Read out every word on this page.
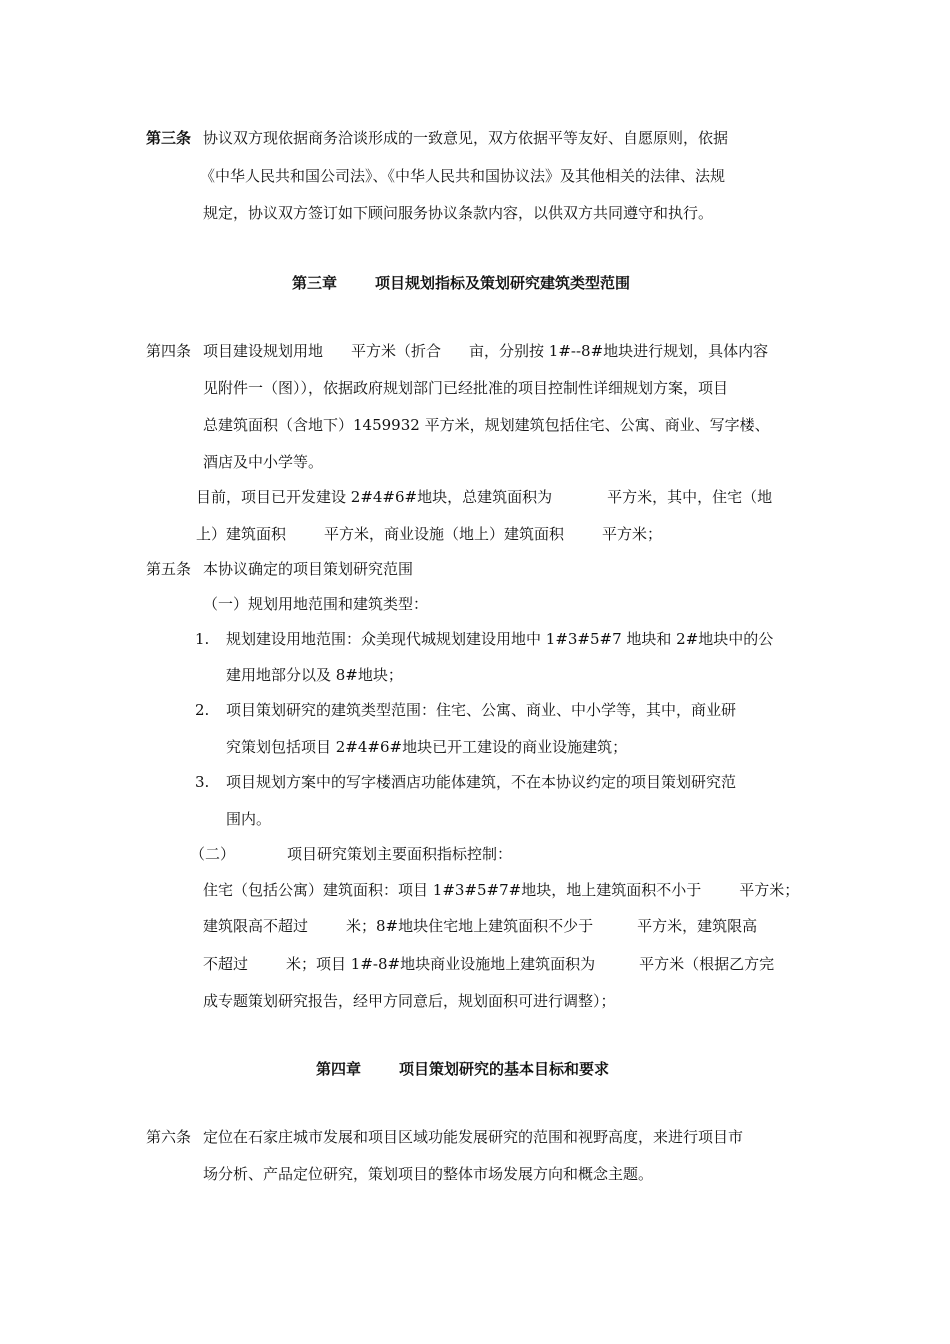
第三条 协议双方现依据商务洽谈形成的一致意见，双方依据平等友好、自愿原则，依据
《中华人民共和国公司法》、《中华人民共和国协议法》及其他相关的法律、法规
规定，协议双方签订如下顾问服务协议条款内容，以供双方共同遵守和执行。
第三章	项目规划指标及策划研究建筑类型范围
第四条 项目建设规划用地 平方米（折合 亩，分别按 1#--8#地块进行规划，具体内容
见附件一（图）），依据政府规划部门已经批准的项目控制性详细规划方案，项目
总建筑面积（含地下）1459932 平方米，规划建筑包括住宅、公寓、商业、写字楼、
酒店及中小学等。
目前，项目已开发建设 2#4#6#地块，总建筑面积为	平方米，其中，住宅（地
上）建筑面积	平方米，商业设施（地上）建筑面积	平方米；
第五条 本协议确定的项目策划研究范围
（一）规划用地范围和建筑类型：
1. 规划建设用地范围：众美现代城规划建设用地中 1#3#5#7 地块和 2#地块中的公
建用地部分以及 8#地块；
2. 项目策划研究的建筑类型范围：住宅、公寓、商业、中小学等，其中，商业研
究策划包括项目 2#4#6#地块已开工建设的商业设施建筑；
3. 项目规划方案中的写字楼酒店功能体建筑，不在本协议约定的项目策划研究范
围内。
（二）	项目研究策划主要面积指标控制：
住宅（包括公寓）建筑面积：项目 1#3#5#7#地块，地上建筑面积不小于	平方米；
建筑限高不超过	米；8#地块住宅地上建筑面积不少于	平方米，建筑限高
不超过	米；项目 1#-8#地块商业设施地上建筑面积为	平方米（根据乙方完
成专题策划研究报告，经甲方同意后，规划面积可进行调整）；
第四章	项目策划研究的基本目标和要求
第六条 定位在石家庄城市发展和项目区域功能发展研究的范围和视野高度，来进行项目市
场分析、产品定位研究，策划项目的整体市场发展方向和概念主题。
